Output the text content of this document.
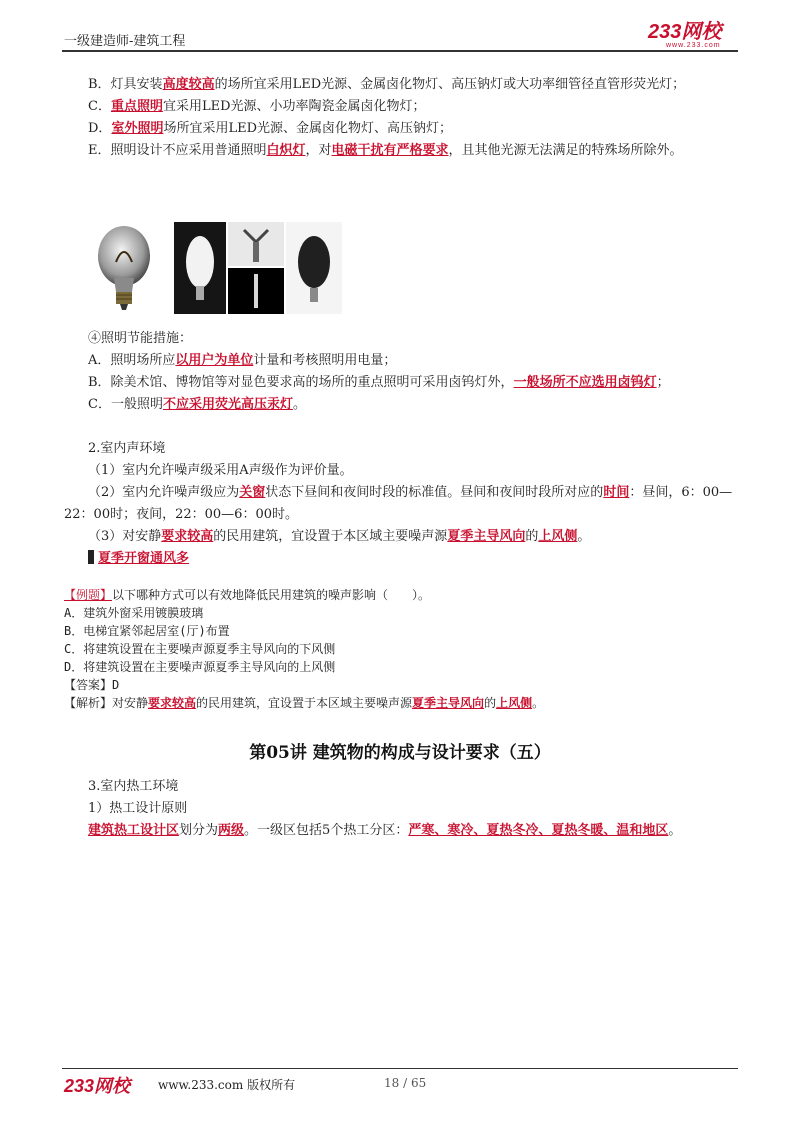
一级建造师-建筑工程	233网校
www.233.com
B．灯具安装高度较高的场所宜采用LED光源、金属卤化物灯、高压钠灯或大功率细管径直管形荧光灯；
C．重点照明宜采用LED光源、小功率陶瓷金属卤化物灯；
D．室外照明场所宜采用LED光源、金属卤化物灯、高压钠灯；
E．照明设计不应采用普通照明白炽灯，对电磁干扰有严格要求，且其他光源无法满足的特殊场所除外。
④照明节能措施：
A．照明场所应以用户为单位计量和考核照明用电量；
B．除美术馆、博物馆等对显色要求高的场所的重点照明可采用卤钨灯外，一般场所不应选用卤钨灯；
C．一般照明不应采用荧光高压汞灯。
2.室内声环境
（1）室内允许噪声级采用A声级作为评价量。
（2）室内允许噪声级应为关窗状态下昼间和夜间时段的标准值。昼间和夜间时段所对应的时间：昼间，6：00—22：00时；夜间，22：00—6：00时。
（3）对安静要求较高的民用建筑，宜设置于本区域主要噪声源夏季主导风向的上风侧。
夏季开窗通风多
【例题】以下哪种方式可以有效地降低民用建筑的噪声影响（　　）。
A．建筑外窗采用镀膜玻璃
B．电梯宜紧邻起居室(厅)布置
C．将建筑设置在主要噪声源夏季主导风向的下风侧
D．将建筑设置在主要噪声源夏季主导风向的上风侧
【答案】D
【解析】对安静要求较高的民用建筑，宜设置于本区域主要噪声源夏季主导风向的上风侧。
第05讲 建筑物的构成与设计要求（五）
3.室内热工环境
1）热工设计原则
建筑热工设计区划分为两级。一级区包括5个热工分区：严寒、寒冷、夏热冬冷、夏热冬暖、温和地区。
233网校 www.233.com 版权所有	18 / 65
